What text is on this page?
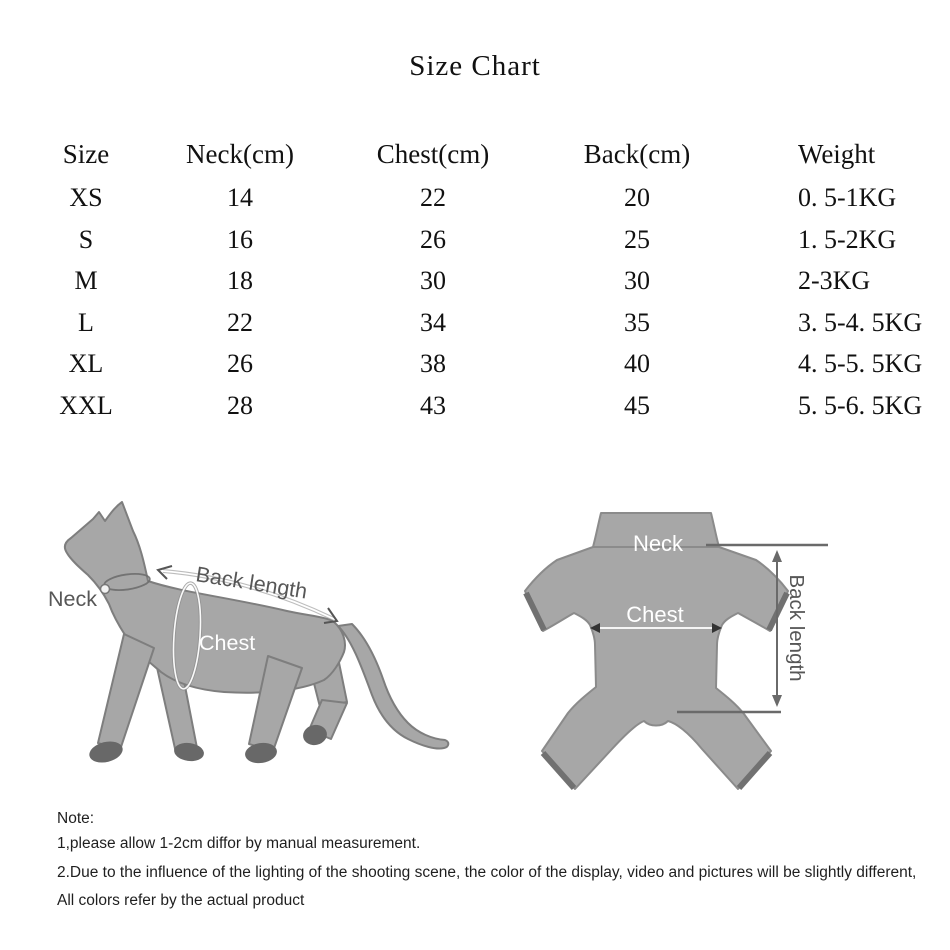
Size Chart
Size	Neck(cm)	Chest(cm)	Back(cm)	Weight
XS	14	22	20	0. 5-1KG
S	16	26	25	1. 5-2KG
M	18	30	30	2-3KG
L	22	34	35	3. 5-4. 5KG
XL	26	38	40	4. 5-5. 5KG
XXL	28	43	45	5. 5-6. 5KG
Neck	Back length
Chest
Neck
Chest	Back length
Note:
1,please allow 1-2cm diffor by manual measurement.
2.Due to the influence of the lighting of the shooting scene, the color of the display, video and pictures will be slightly different,
All colors refer by the actual product
